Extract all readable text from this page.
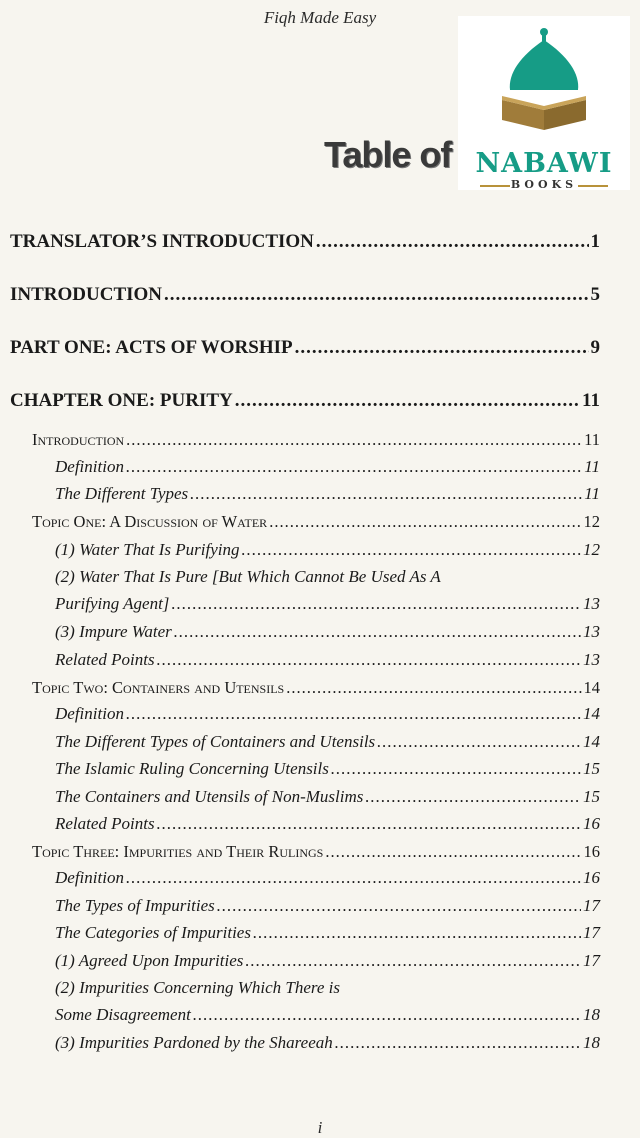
Fiqh Made Easy
Table of NABAWI
BOOKS
TRANSLATOR’S INTRODUCTION .....	1
INTRODUCTION .....	5
PART ONE: ACTS OF WORSHIP .....	9
CHAPTER ONE: PURITY .....	11
Introduction .....	11
Definition .....	11
The Different Types .....	11
Topic One: A Discussion of Water .....	12
(1) Water That Is Purifying .....	12
(2) Water That Is Pure [But Which Cannot Be Used As A
Purifying Agent] .....	13
(3) Impure Water .....	13
Related Points .....	13
Topic Two: Containers and Utensils .....	14
Definition .....	14
The Different Types of Containers and Utensils .....	14
The Islamic Ruling Concerning Utensils .....	15
The Containers and Utensils of Non-Muslims .....	15
Related Points .....	16
Topic Three: Impurities and Their Rulings .....	16
Definition .....	16
The Types of Impurities .....	17
The Categories of Impurities .....	17
(1) Agreed Upon Impurities .....	17
(2) Impurities Concerning Which There is
Some Disagreement .....	18
(3) Impurities Pardoned by the Shareeah .....	18
i
